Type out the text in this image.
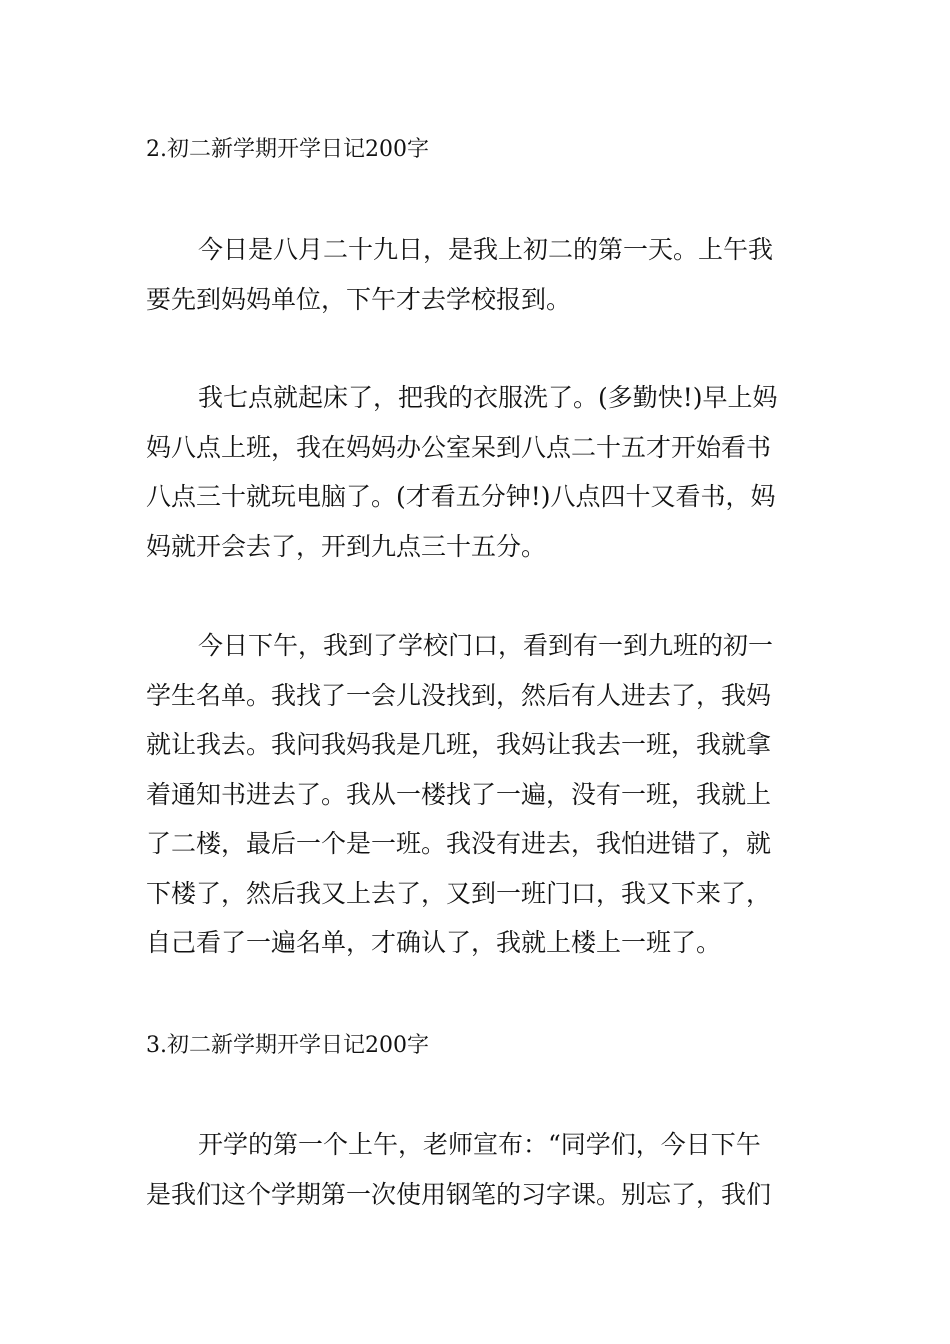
2.初二新学期开学日记200字
今日是八月二十九日，是我上初二的第一天。上午我
要先到妈妈单位，下午才去学校报到。
我七点就起床了，把我的衣服洗了。(多勤快!)早上妈
妈八点上班，我在妈妈办公室呆到八点二十五才开始看书
八点三十就玩电脑了。(才看五分钟!)八点四十又看书，妈
妈就开会去了，开到九点三十五分。
今日下午，我到了学校门口，看到有一到九班的初一
学生名单。我找了一会儿没找到，然后有人进去了，我妈
就让我去。我问我妈我是几班，我妈让我去一班，我就拿
着通知书进去了。我从一楼找了一遍，没有一班，我就上
了二楼，最后一个是一班。我没有进去，我怕进错了，就
下楼了，然后我又上去了，又到一班门口，我又下来了，
自己看了一遍名单，才确认了，我就上楼上一班了。
3.初二新学期开学日记200字
开学的第一个上午，老师宣布：“同学们，今日下午
是我们这个学期第一次使用钢笔的习字课。别忘了，我们
